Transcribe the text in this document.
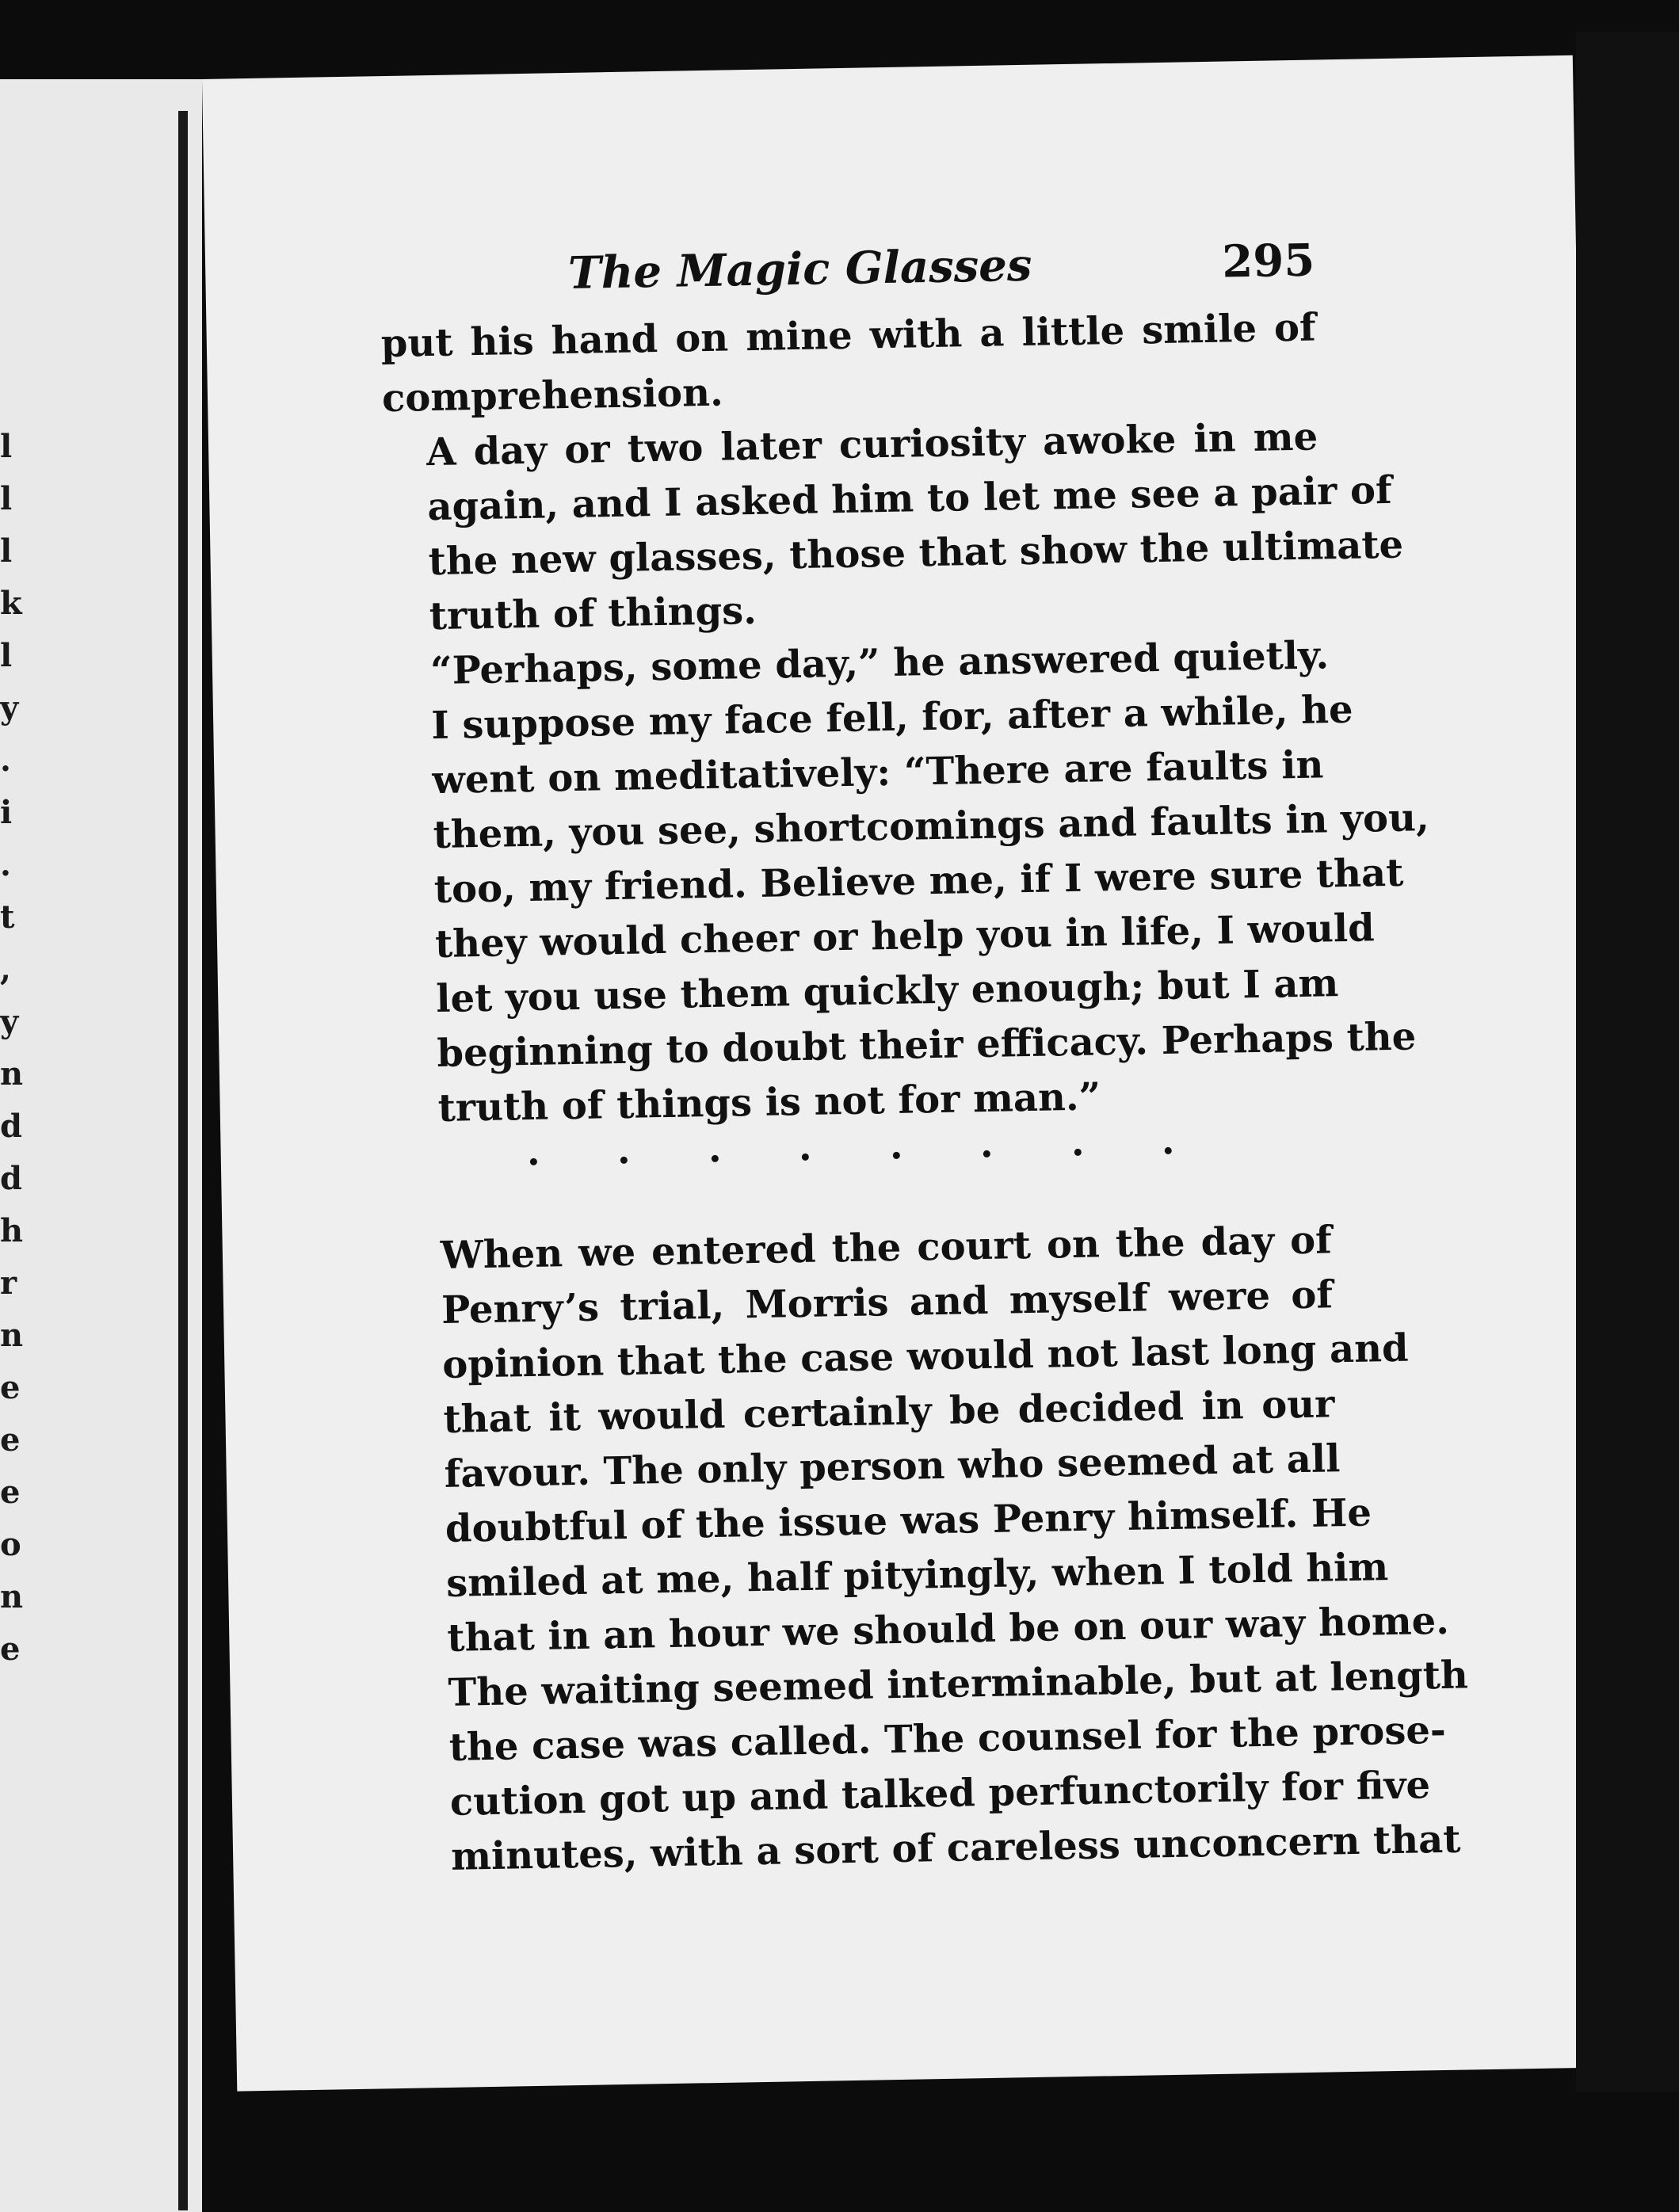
l
l
l
k
l
y
.
i
.
t
,
y
n
d
d
h
r
n
e
e
e
o
n
e
The Magic Glasses	295

put his hand on mine with a little smile of
comprehension.

A day or two later curiosity awoke in me
again, and I asked him to let me see a pair of
the new glasses, those that show the ultimate
truth of things.

“Perhaps, some day,” he answered quietly.
I suppose my face fell, for, after a while, he
went on meditatively: “There are faults in
them, you see, shortcomings and faults in you,
too, my friend. Believe me, if I were sure that
they would cheer or help you in life, I would
let you use them quickly enough; but I am
beginning to doubt their efficacy. Perhaps the
truth of things is not for man.”

When we entered the court on the day of
Penry’s trial, Morris and myself were of
opinion that the case would not last long and
that it would certainly be decided in our
favour. The only person who seemed at all
doubtful of the issue was Penry himself. He
smiled at me, half pityingly, when I told him
that in an hour we should be on our way home.
The waiting seemed interminable, but at length
the case was called. The counsel for the prose-
cution got up and talked perfunctorily for five
minutes, with a sort of careless unconcern that
